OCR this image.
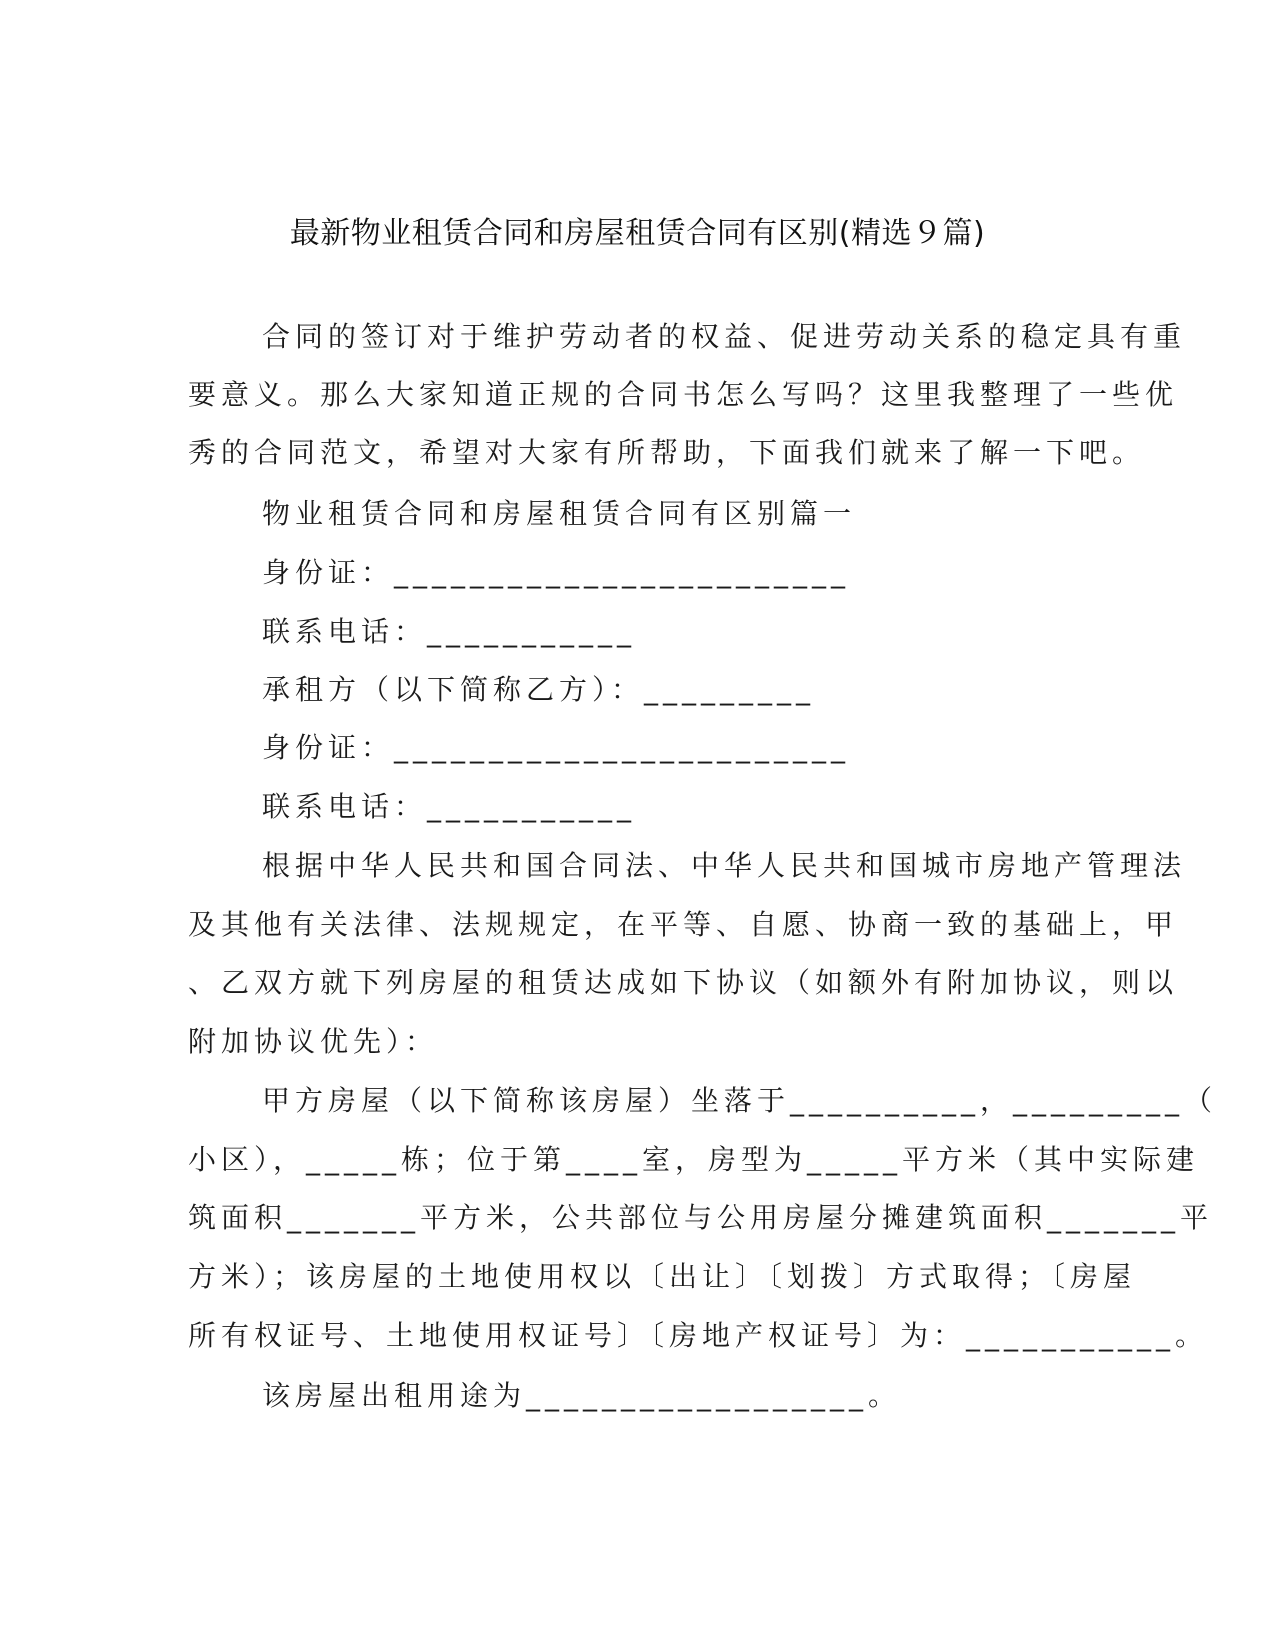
最新物业租赁合同和房屋租赁合同有区别(精选９篇)
合同的签订对于维护劳动者的权益、促进劳动关系的稳定具有重
要意义。那么大家知道正规的合同书怎么写吗？这里我整理了一些优
秀的合同范文，希望对大家有所帮助，下面我们就来了解一下吧。
物业租赁合同和房屋租赁合同有区别篇一
身份证：________________________
联系电话：___________
承租方（以下简称乙方）：_________
身份证：________________________
联系电话：___________
根据中华人民共和国合同法、中华人民共和国城市房地产管理法
及其他有关法律、法规规定，在平等、自愿、协商一致的基础上，甲
、乙双方就下列房屋的租赁达成如下协议（如额外有附加协议，则以
附加协议优先）：
甲方房屋（以下简称该房屋）坐落于__________，_________（
小区），_____栋；位于第____室，房型为_____平方米（其中实际建
筑面积_______平方米，公共部位与公用房屋分摊建筑面积_______平
方米）；该房屋的土地使用权以〔出让〕〔划拨〕方式取得；〔房屋
所有权证号、土地使用权证号〕〔房地产权证号〕为：___________。
该房屋出租用途为__________________。
